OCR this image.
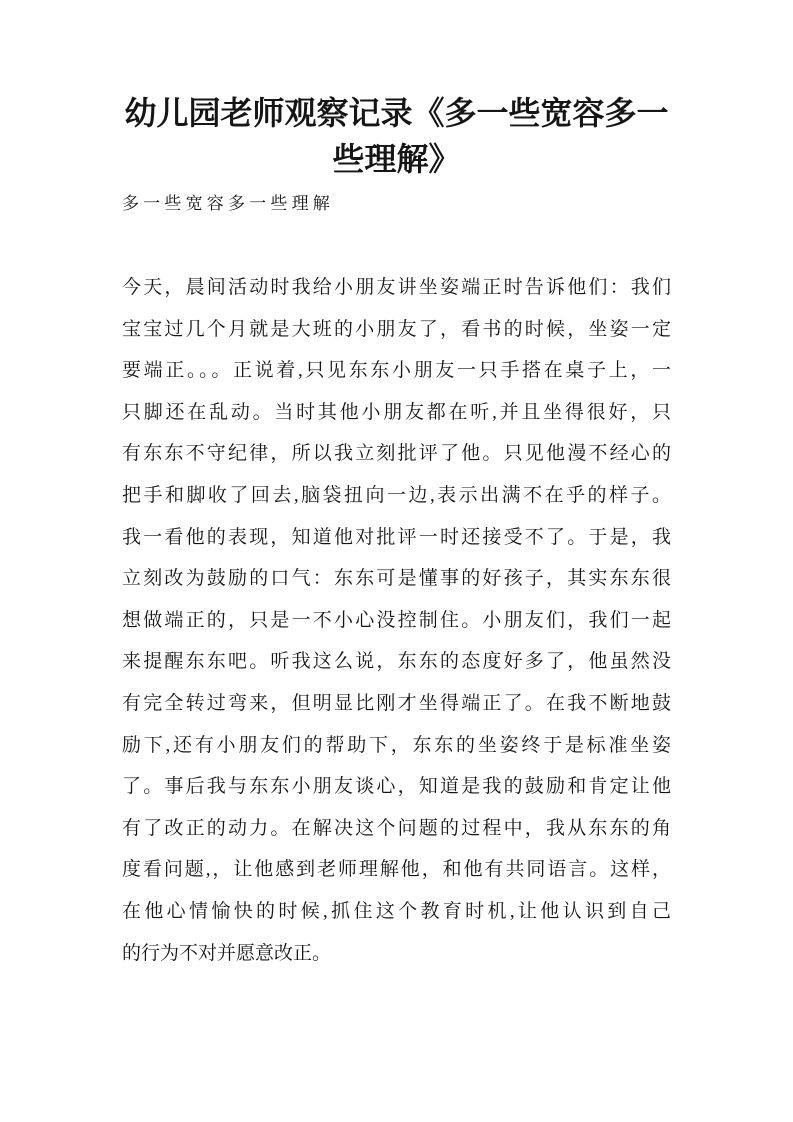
幼儿园老师观察记录《多一些宽容多一
些理解》
多一些宽容多一些理解
今天，晨间活动时我给小朋友讲坐姿端正时告诉他们：我们
宝宝过几个月就是大班的小朋友了，看书的时候，坐姿一定
要端正。。。正说着,只见东东小朋友一只手搭在桌子上，一
只脚还在乱动。当时其他小朋友都在听,并且坐得很好，只
有东东不守纪律，所以我立刻批评了他。只见他漫不经心的
把手和脚收了回去,脑袋扭向一边,表示出满不在乎的样子。
我一看他的表现，知道他对批评一时还接受不了。于是，我
立刻改为鼓励的口气：东东可是懂事的好孩子，其实东东很
想做端正的，只是一不小心没控制住。小朋友们，我们一起
来提醒东东吧。听我这么说，东东的态度好多了，他虽然没
有完全转过弯来，但明显比刚才坐得端正了。在我不断地鼓
励下,还有小朋友们的帮助下，东东的坐姿终于是标准坐姿
了。事后我与东东小朋友谈心，知道是我的鼓励和肯定让他
有了改正的动力。在解决这个问题的过程中，我从东东的角
度看问题,，让他感到老师理解他，和他有共同语言。这样，
在他心情愉快的时候,抓住这个教育时机,让他认识到自己
的行为不对并愿意改正。
